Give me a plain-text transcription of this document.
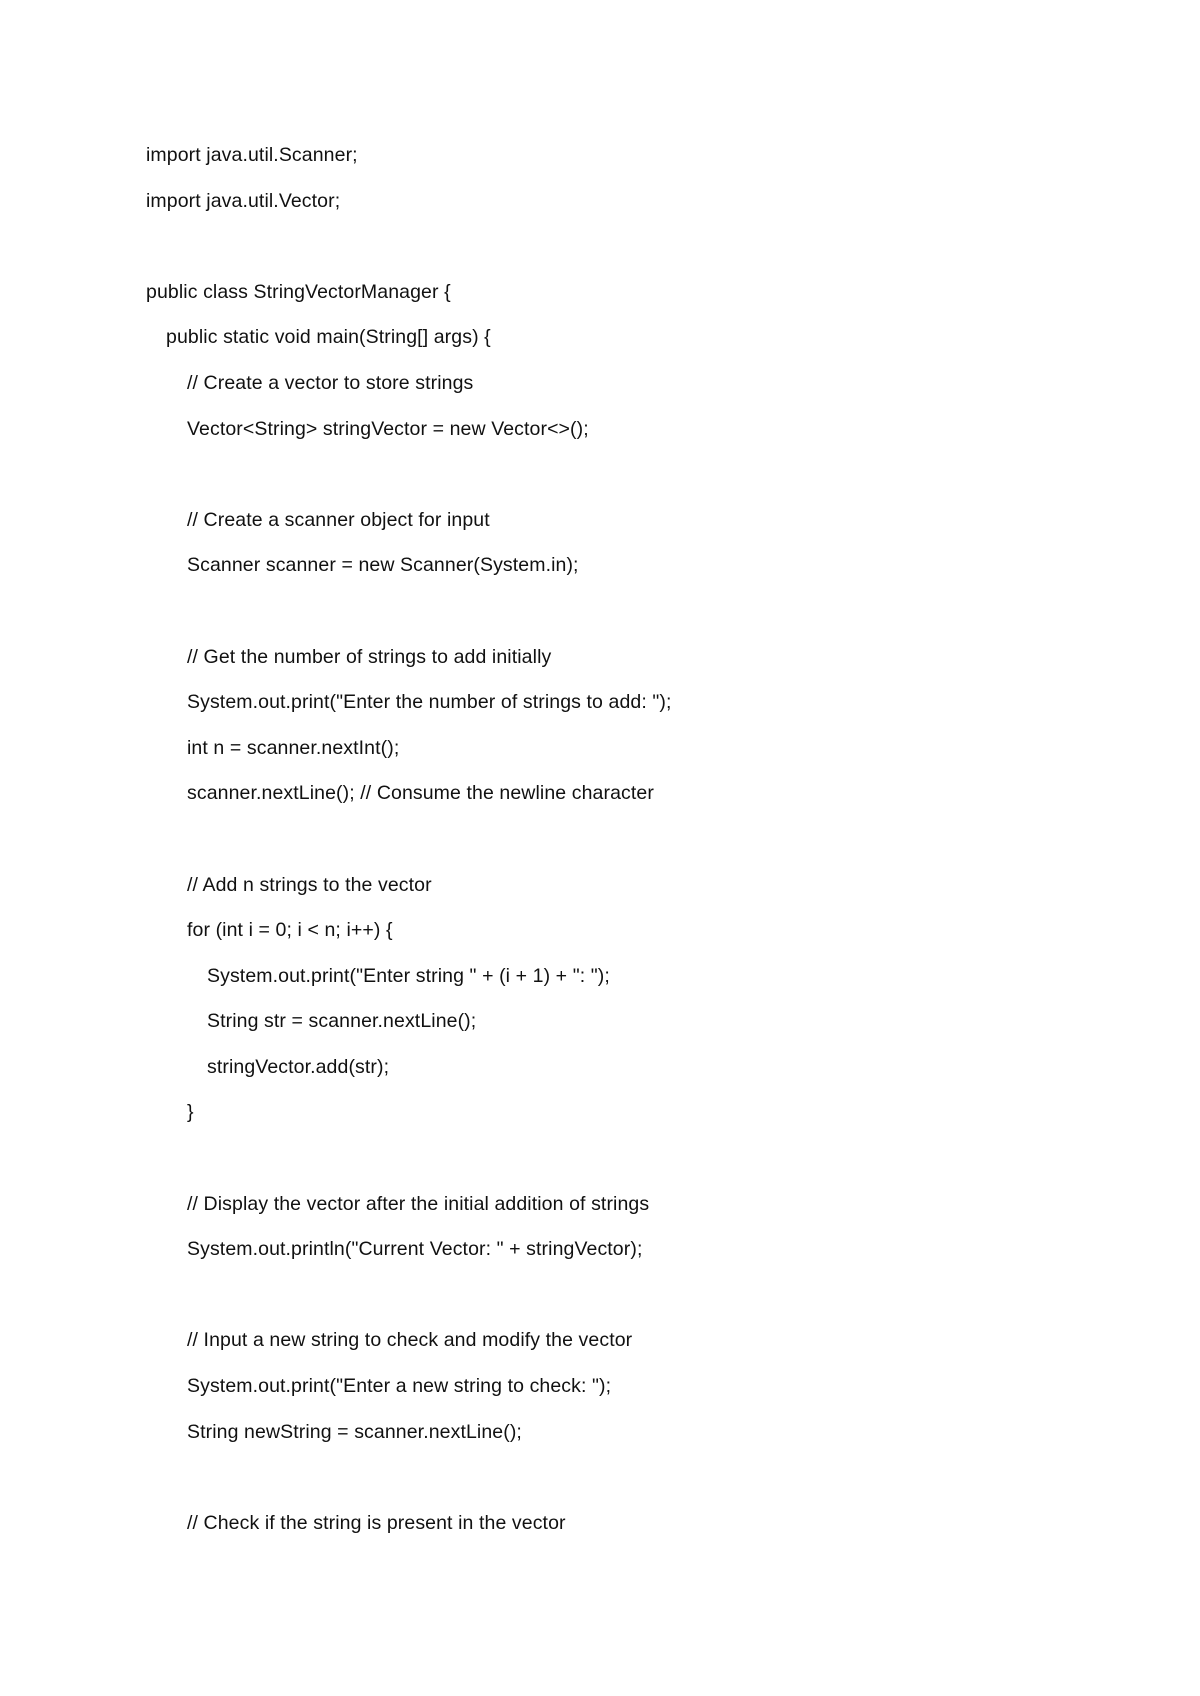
import java.util.Scanner;
import java.util.Vector;
public class StringVectorManager {
public static void main(String[] args) {
// Create a vector to store strings
Vector<String> stringVector = new Vector<>();
// Create a scanner object for input
Scanner scanner = new Scanner(System.in);
// Get the number of strings to add initially
System.out.print("Enter the number of strings to add: ");
int n = scanner.nextInt();
scanner.nextLine(); // Consume the newline character
// Add n strings to the vector
for (int i = 0; i < n; i++) {
System.out.print("Enter string " + (i + 1) + ": ");
String str = scanner.nextLine();
stringVector.add(str);
}
// Display the vector after the initial addition of strings
System.out.println("Current Vector: " + stringVector);
// Input a new string to check and modify the vector
System.out.print("Enter a new string to check: ");
String newString = scanner.nextLine();
// Check if the string is present in the vector
